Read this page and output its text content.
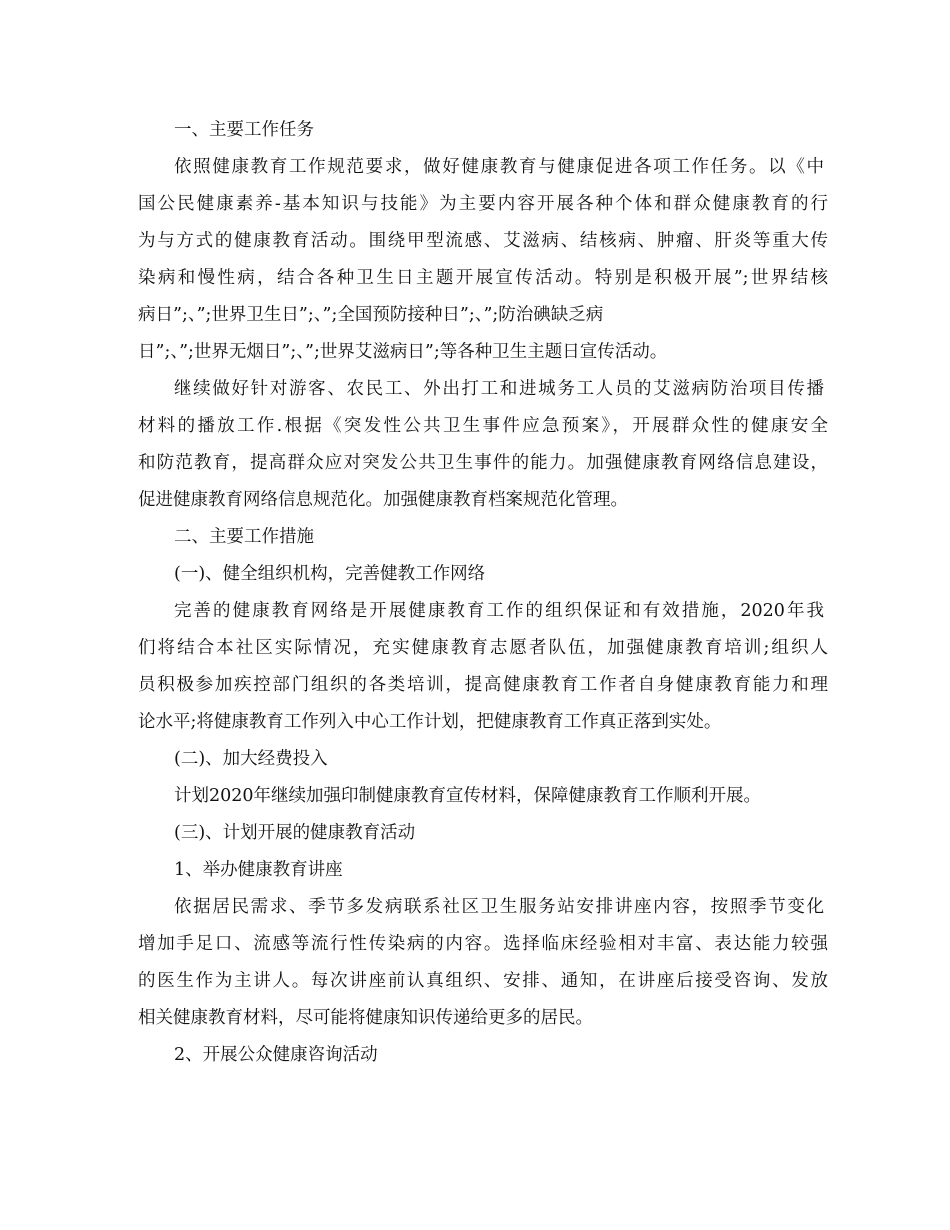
一、主要工作任务
依照健康教育工作规范要求，做好健康教育与健康促进各项工作任务。以《中
国公民健康素养-基本知识与技能》为主要内容开展各种个体和群众健康教育的行
为与方式的健康教育活动。围绕甲型流感、艾滋病、结核病、肿瘤、肝炎等重大传
染病和慢性病，结合各种卫生日主题开展宣传活动。特别是积极开展”;世界结核
病日”;、”;世界卫生日”;、”;全国预防接种日”;、”;防治碘缺乏病
日”;、”;世界无烟日”;、”;世界艾滋病日”;等各种卫生主题日宣传活动。
继续做好针对游客、农民工、外出打工和进城务工人员的艾滋病防治项目传播
材料的播放工作.根据《突发性公共卫生事件应急预案》，开展群众性的健康安全
和防范教育，提高群众应对突发公共卫生事件的能力。加强健康教育网络信息建设，
促进健康教育网络信息规范化。加强健康教育档案规范化管理。
二、主要工作措施
(一)、健全组织机构，完善健教工作网络
完善的健康教育网络是开展健康教育工作的组织保证和有效措施，2020年我
们将结合本社区实际情况，充实健康教育志愿者队伍，加强健康教育培训;组织人
员积极参加疾控部门组织的各类培训，提高健康教育工作者自身健康教育能力和理
论水平;将健康教育工作列入中心工作计划，把健康教育工作真正落到实处。
(二)、加大经费投入
计划2020年继续加强印制健康教育宣传材料，保障健康教育工作顺利开展。
(三)、计划开展的健康教育活动
1、举办健康教育讲座
依据居民需求、季节多发病联系社区卫生服务站安排讲座内容，按照季节变化
增加手足口、流感等流行性传染病的内容。选择临床经验相对丰富、表达能力较强
的医生作为主讲人。每次讲座前认真组织、安排、通知，在讲座后接受咨询、发放
相关健康教育材料，尽可能将健康知识传递给更多的居民。
2、开展公众健康咨询活动
